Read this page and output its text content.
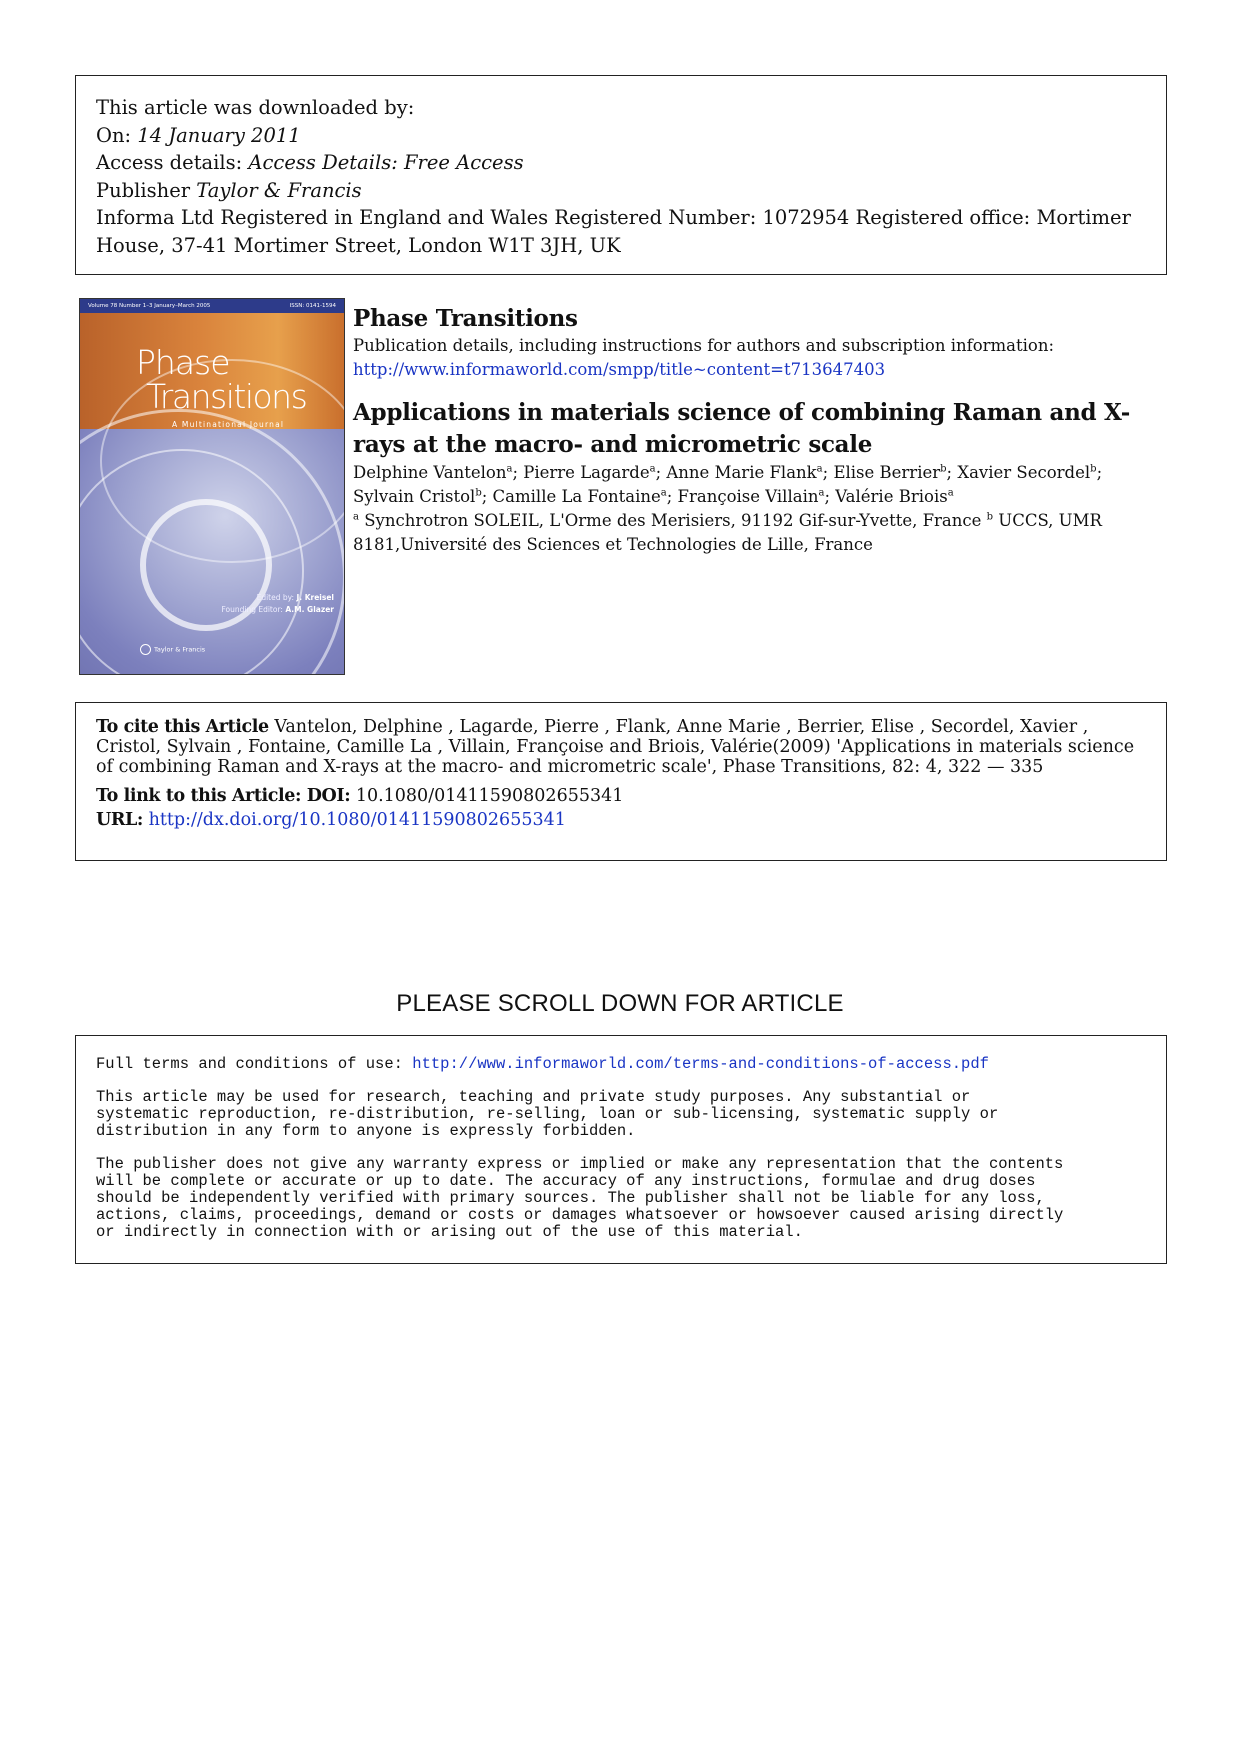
This article was downloaded by:
On: 14 January 2011
Access details: Access Details: Free Access
Publisher Taylor & Francis
Informa Ltd Registered in England and Wales Registered Number: 1072954 Registered office: Mortimer House, 37-41 Mortimer Street, London W1T 3JH, UK
Volume 78 Number 1–3 January–March 2005	ISSN: 0141-1594
Phase
Transitions
A Multinational Journal
Edited by: J. Kreisel
Founding Editor: A.M. Glazer
Taylor & Francis
Phase Transitions
Publication details, including instructions for authors and subscription information:
http://www.informaworld.com/smpp/title~content=t713647403
Applications in materials science of combining Raman and X-rays at the macro- and micrometric scale
Delphine Vantelon$^a$; Pierre Lagarde$^a$; Anne Marie Flank$^a$; Elise Berrier$^b$; Xavier Secordel$^b$; Sylvain Cristol$^b$; Camille La Fontaine$^a$; Françoise Villain$^a$; Valérie Briois$^a$
$^a$ Synchrotron SOLEIL, L'Orme des Merisiers, 91192 Gif-sur-Yvette, France $^b$ UCCS, UMR 8181,Université des Sciences et Technologies de Lille, France
To cite this Article Vantelon, Delphine , Lagarde, Pierre , Flank, Anne Marie , Berrier, Elise , Secordel, Xavier , Cristol, Sylvain , Fontaine, Camille La , Villain, Françoise and Briois, Valérie(2009) 'Applications in materials science of combining Raman and X-rays at the macro- and micrometric scale', Phase Transitions, 82: 4, 322 — 335
To link to this Article: DOI: 10.1080/01411590802655341
URL: http://dx.doi.org/10.1080/01411590802655341
PLEASE SCROLL DOWN FOR ARTICLE

Full terms and conditions of use: http://www.informaworld.com/terms-and-conditions-of-access.pdf

This article may be used for research, teaching and private study purposes. Any substantial or
systematic reproduction, re-distribution, re-selling, loan or sub-licensing, systematic supply or
distribution in any form to anyone is expressly forbidden.

The publisher does not give any warranty express or implied or make any representation that the contents
will be complete or accurate or up to date. The accuracy of any instructions, formulae and drug doses
should be independently verified with primary sources. The publisher shall not be liable for any loss,
actions, claims, proceedings, demand or costs or damages whatsoever or howsoever caused arising directly
or indirectly in connection with or arising out of the use of this material.
